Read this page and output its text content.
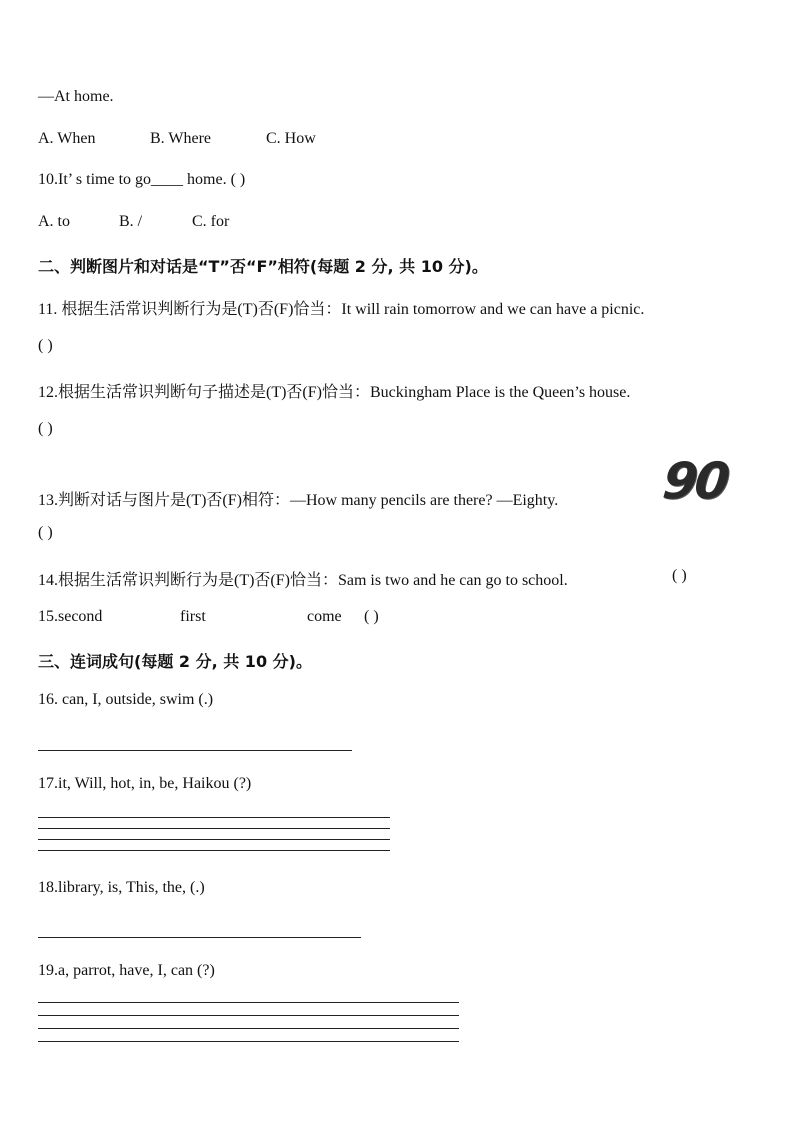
—At home.
A. When	B. Where	C. How
10.It’ s time to go____ home. ( )
A. to	B. /	C. for
二、判断图片和对话是“T”否“F”相符(每题 2 分, 共 10 分)。
11. 根据生活常识判断行为是(T)否(F)恰当：It will rain tomorrow and we can have a picnic.
( )
12.根据生活常识判断句子描述是(T)否(F)恰当：Buckingham Place is the Queen’s house.
( )
13.判断对话与图片是(T)否(F)相符：—How many pencils are there? —Eighty. 90
( )
14.根据生活常识判断行为是(T)否(F)恰当：Sam is two and he can go to school.	( )
15.second	first	come ( )
三、连词成句(每题 2 分, 共 10 分)。
16. can, I, outside, swim (.)
17.it, Will, hot, in, be, Haikou (?)
18.library, is, This, the, (.)
19.a, parrot, have, I, can (?)
